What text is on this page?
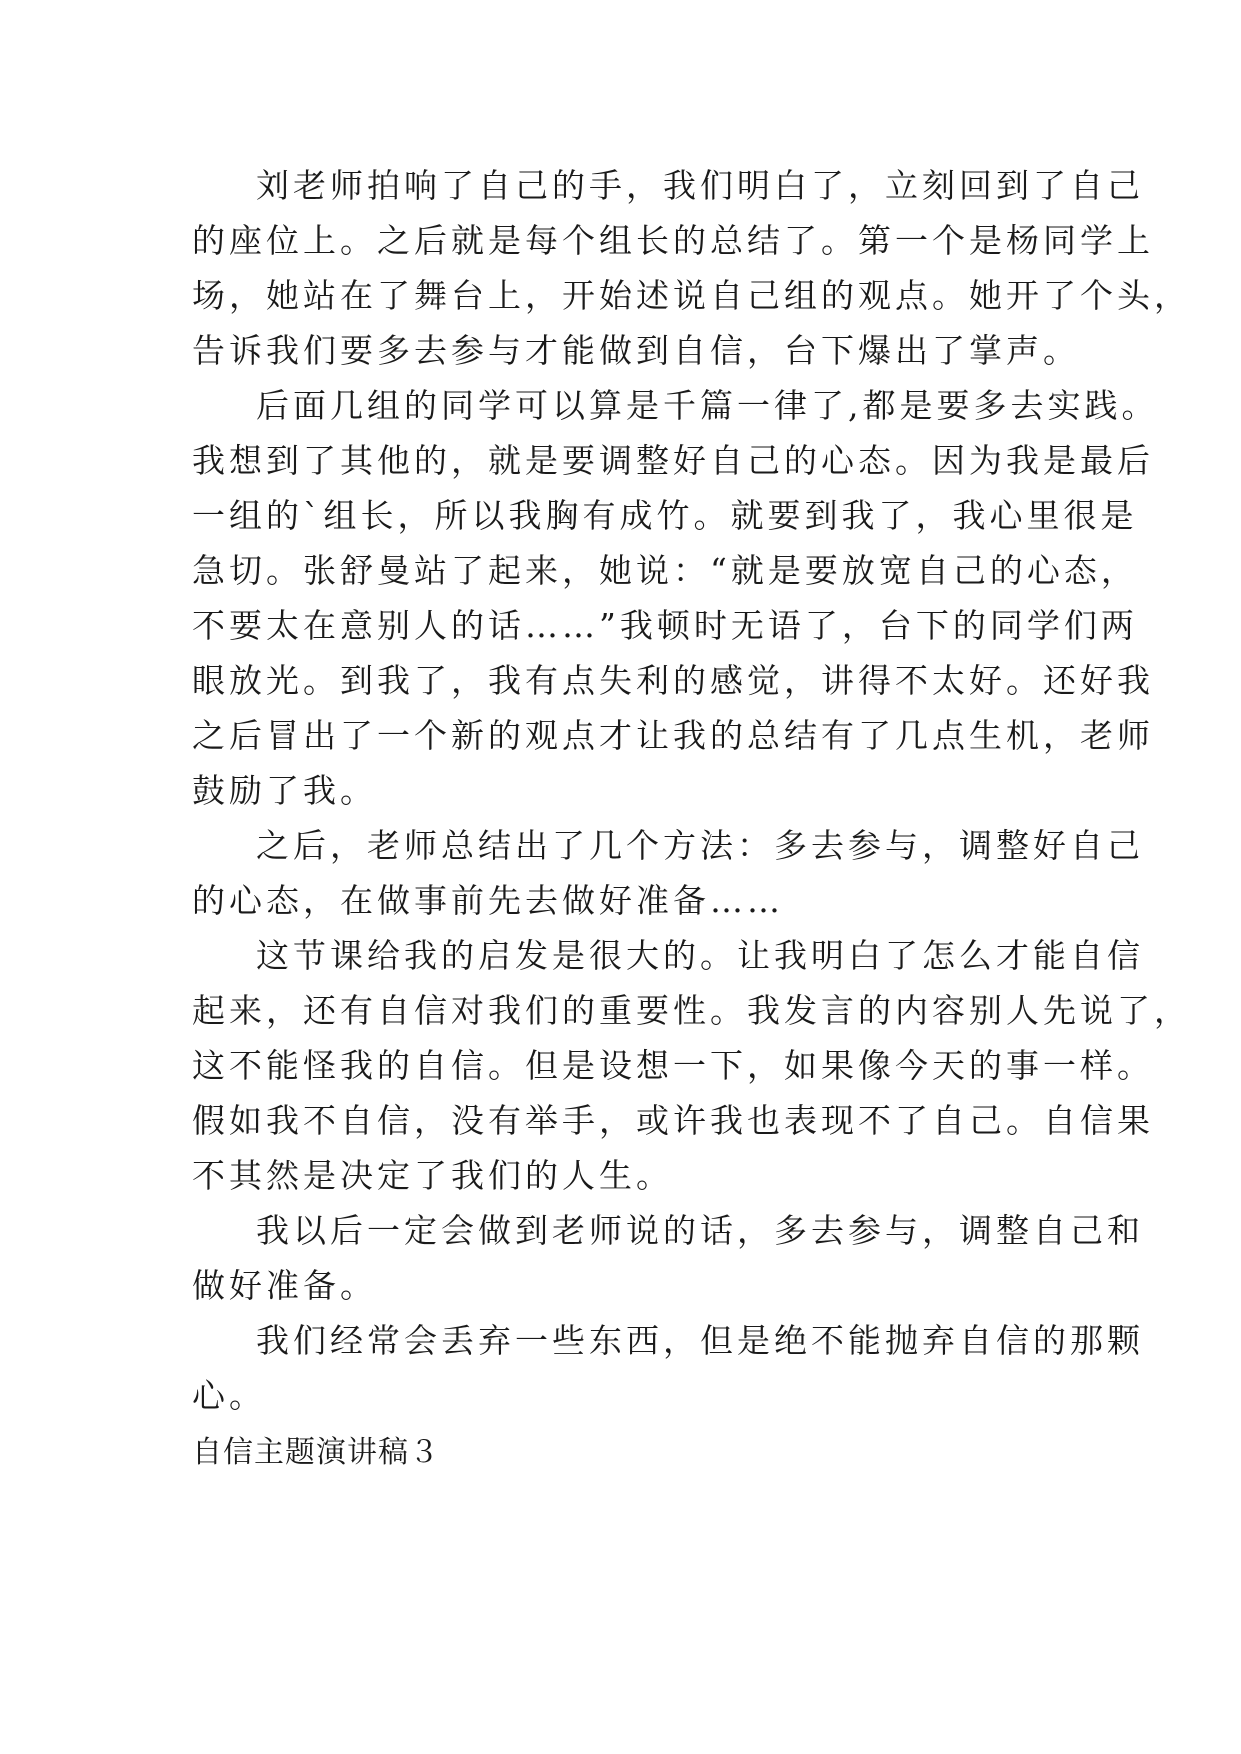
刘老师拍响了自己的手，我们明白了，立刻回到了自己
的座位上。之后就是每个组长的总结了。第一个是杨同学上
场，她站在了舞台上，开始述说自己组的观点。她开了个头，
告诉我们要多去参与才能做到自信，台下爆出了掌声。
后面几组的同学可以算是千篇一律了,都是要多去实践。
我想到了其他的，就是要调整好自己的心态。因为我是最后
一组的`组长，所以我胸有成竹。就要到我了，我心里很是
急切。张舒曼站了起来，她说：“就是要放宽自己的心态，
不要太在意别人的话……”我顿时无语了，台下的同学们两
眼放光。到我了，我有点失利的感觉，讲得不太好。还好我
之后冒出了一个新的观点才让我的总结有了几点生机，老师
鼓励了我。
之后，老师总结出了几个方法：多去参与，调整好自己
的心态，在做事前先去做好准备……
这节课给我的启发是很大的。让我明白了怎么才能自信
起来，还有自信对我们的重要性。我发言的内容别人先说了，
这不能怪我的自信。但是设想一下，如果像今天的事一样。
假如我不自信，没有举手，或许我也表现不了自己。自信果
不其然是决定了我们的人生。
我以后一定会做到老师说的话，多去参与，调整自己和
做好准备。
我们经常会丢弃一些东西，但是绝不能抛弃自信的那颗
心。
自信主题演讲稿３
